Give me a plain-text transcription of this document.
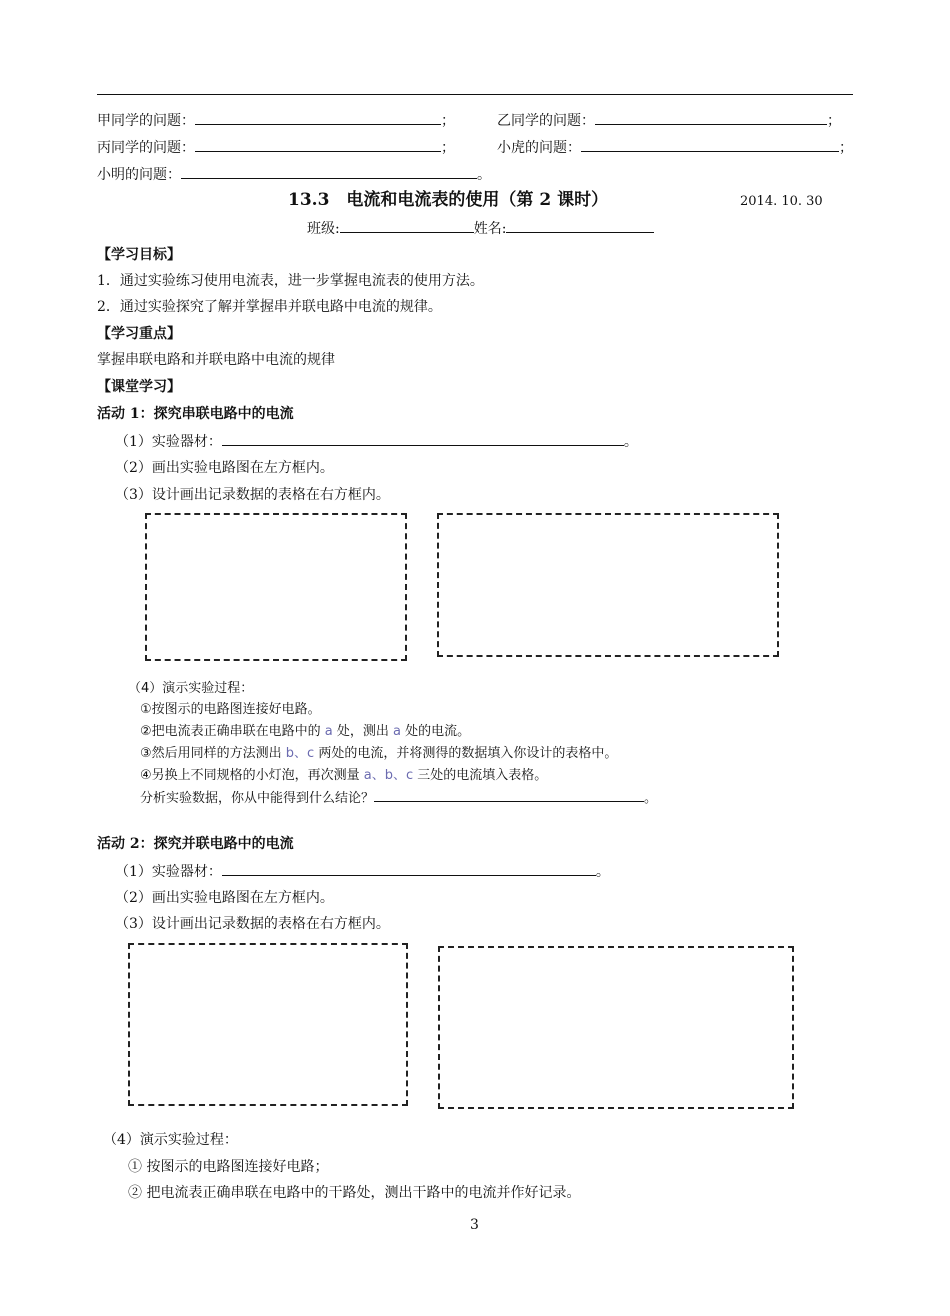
甲同学的问题：	；	乙同学的问题：	；
丙同学的问题：	；	小虎的问题：	；
小明的问题：	。
13.3　电流和电流表的使用（第 2 课时）	2014. 10. 30
班级:	姓名:
【学习目标】
1．通过实验练习使用电流表，进一步掌握电流表的使用方法。
2．通过实验探究了解并掌握串并联电路中电流的规律。
【学习重点】
掌握串联电路和并联电路中电流的规律
【课堂学习】
活动 1：探究串联电路中的电流
（1）实验器材：	。
（2）画出实验电路图在左方框内。
（3）设计画出记录数据的表格在右方框内。
（4）演示实验过程：
①按图示的电路图连接好电路。
②把电流表正确串联在电路中的 a 处，测出 a 处的电流。
③然后用同样的方法测出 b、c 两处的电流，并将测得的数据填入你设计的表格中。
④另换上不同规格的小灯泡，再次测量 a、b、c 三处的电流填入表格。
分析实验数据，你从中能得到什么结论？	。
活动 2：探究并联电路中的电流
（1）实验器材：	。
（2）画出实验电路图在左方框内。
（3）设计画出记录数据的表格在右方框内。
（4）演示实验过程：
① 按图示的电路图连接好电路；
② 把电流表正确串联在电路中的干路处，测出干路中的电流并作好记录。
3
